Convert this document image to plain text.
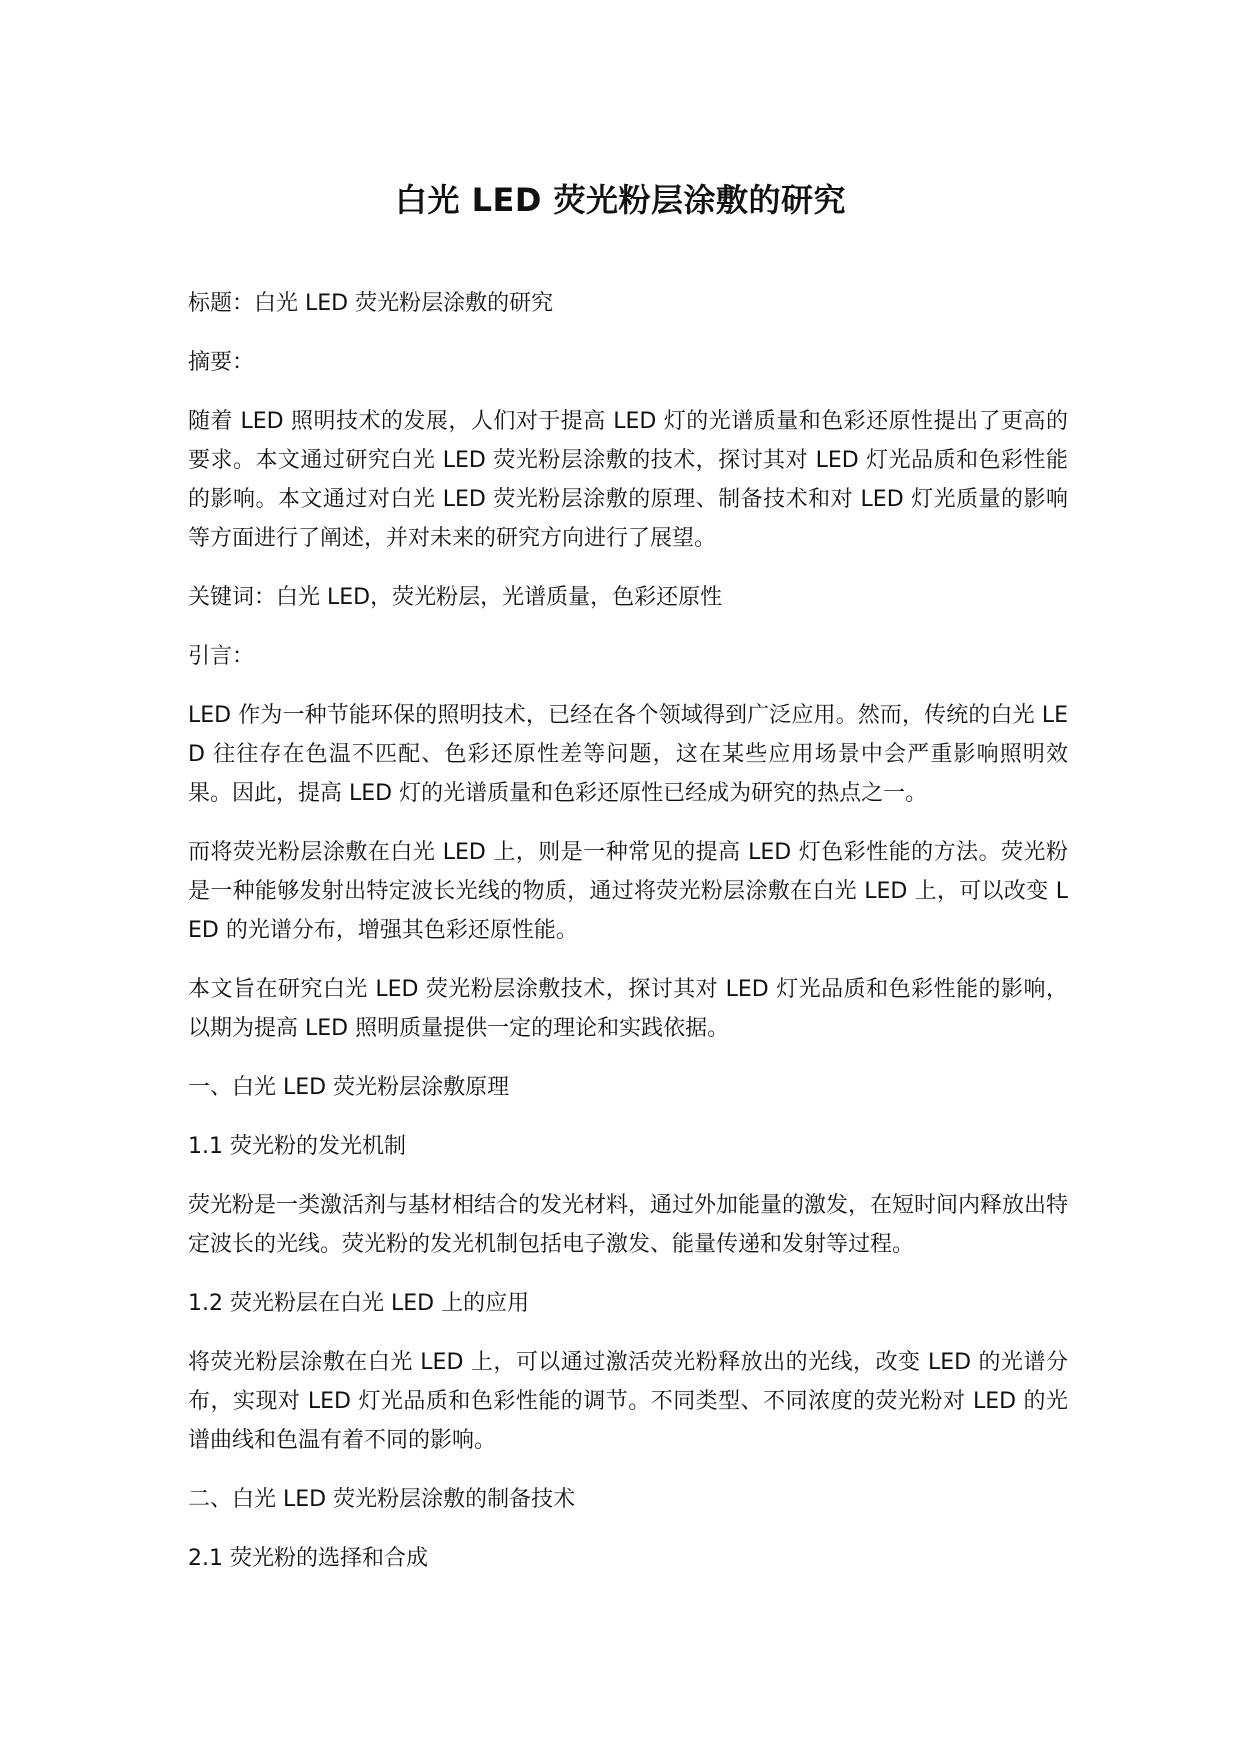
白光 LED 荧光粉层涂敷的研究

标题：白光 LED 荧光粉层涂敷的研究

摘要：

随着 LED 照明技术的发展，人们对于提高 LED 灯的光谱质量和色彩还原性提出了更高的要求。本文通过研究白光 LED 荧光粉层涂敷的技术，探讨其对 LED 灯光品质和色彩性能的影响。本文通过对白光 LED 荧光粉层涂敷的原理、制备技术和对 LED 灯光质量的影响等方面进行了阐述，并对未来的研究方向进行了展望。

关键词：白光 LED，荧光粉层，光谱质量，色彩还原性

引言：

LED 作为一种节能环保的照明技术，已经在各个领域得到广泛应用。然而，传统的白光 LED 往往存在色温不匹配、色彩还原性差等问题，这在某些应用场景中会严重影响照明效果。因此，提高 LED 灯的光谱质量和色彩还原性已经成为研究的热点之一。

而将荧光粉层涂敷在白光 LED 上，则是一种常见的提高 LED 灯色彩性能的方法。荧光粉是一种能够发射出特定波长光线的物质，通过将荧光粉层涂敷在白光 LED 上，可以改变 LED 的光谱分布，增强其色彩还原性能。

本文旨在研究白光 LED 荧光粉层涂敷技术，探讨其对 LED 灯光品质和色彩性能的影响，以期为提高 LED 照明质量提供一定的理论和实践依据。

一、白光 LED 荧光粉层涂敷原理

1.1 荧光粉的发光机制

荧光粉是一类激活剂与基材相结合的发光材料，通过外加能量的激发，在短时间内释放出特定波长的光线。荧光粉的发光机制包括电子激发、能量传递和发射等过程。

1.2 荧光粉层在白光 LED 上的应用

将荧光粉层涂敷在白光 LED 上，可以通过激活荧光粉释放出的光线，改变 LED 的光谱分布，实现对 LED 灯光品质和色彩性能的调节。不同类型、不同浓度的荧光粉对 LED 的光谱曲线和色温有着不同的影响。

二、白光 LED 荧光粉层涂敷的制备技术

2.1 荧光粉的选择和合成
